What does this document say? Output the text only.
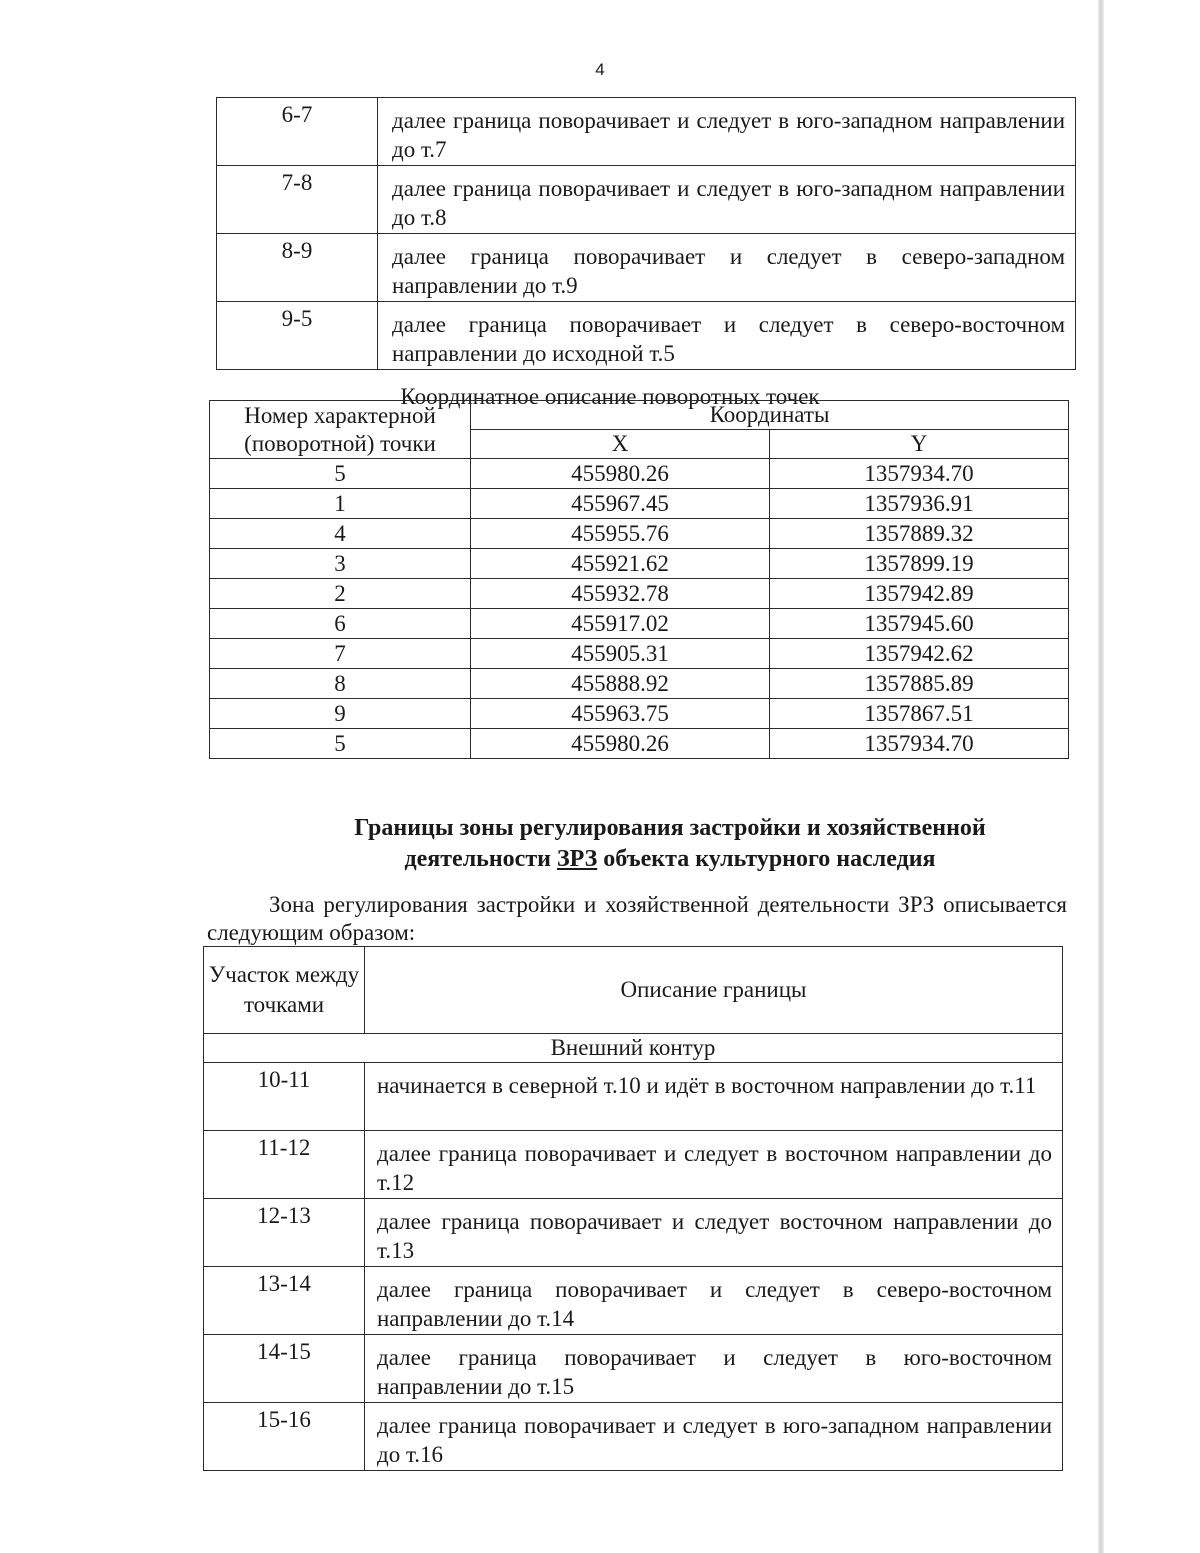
4
6-7	далее граница поворачивает и следует в юго-западном направлении до т.7
7-8	далее граница поворачивает и следует в юго-западном направлении до т.8
8-9	далее граница поворачивает и следует в северо-западном направлении до т.9
9-5	далее граница поворачивает и следует в северо-восточном направлении до исходной т.5
Координатное описание поворотных точек
Номер характерной (поворотной) точки	Координаты	
	X	Y
5	455980.26	1357934.70
1	455967.45	1357936.91
4	455955.76	1357889.32
3	455921.62	1357899.19
2	455932.78	1357942.89
6	455917.02	1357945.60
7	455905.31	1357942.62
8	455888.92	1357885.89
9	455963.75	1357867.51
5	455980.26	1357934.70
Границы зоны регулирования застройки и хозяйственной деятельности ЗРЗ объекта культурного наследия
Зона регулирования застройки и хозяйственной деятельности ЗРЗ описывается следующим образом:
Участок между точками	Описание границы
Внешний контур	
10-11	начинается в северной т.10 и идёт в восточном направлении до т.11
11-12	далее граница поворачивает и следует в восточном направлении до т.12
12-13	далее граница поворачивает и следует восточном направлении до т.13
13-14	далее граница поворачивает и следует в северо-восточном направлении до т.14
14-15	далее граница поворачивает и следует в юго-восточном направлении до т.15
15-16	далее граница поворачивает и следует в юго-западном направлении до т.16
